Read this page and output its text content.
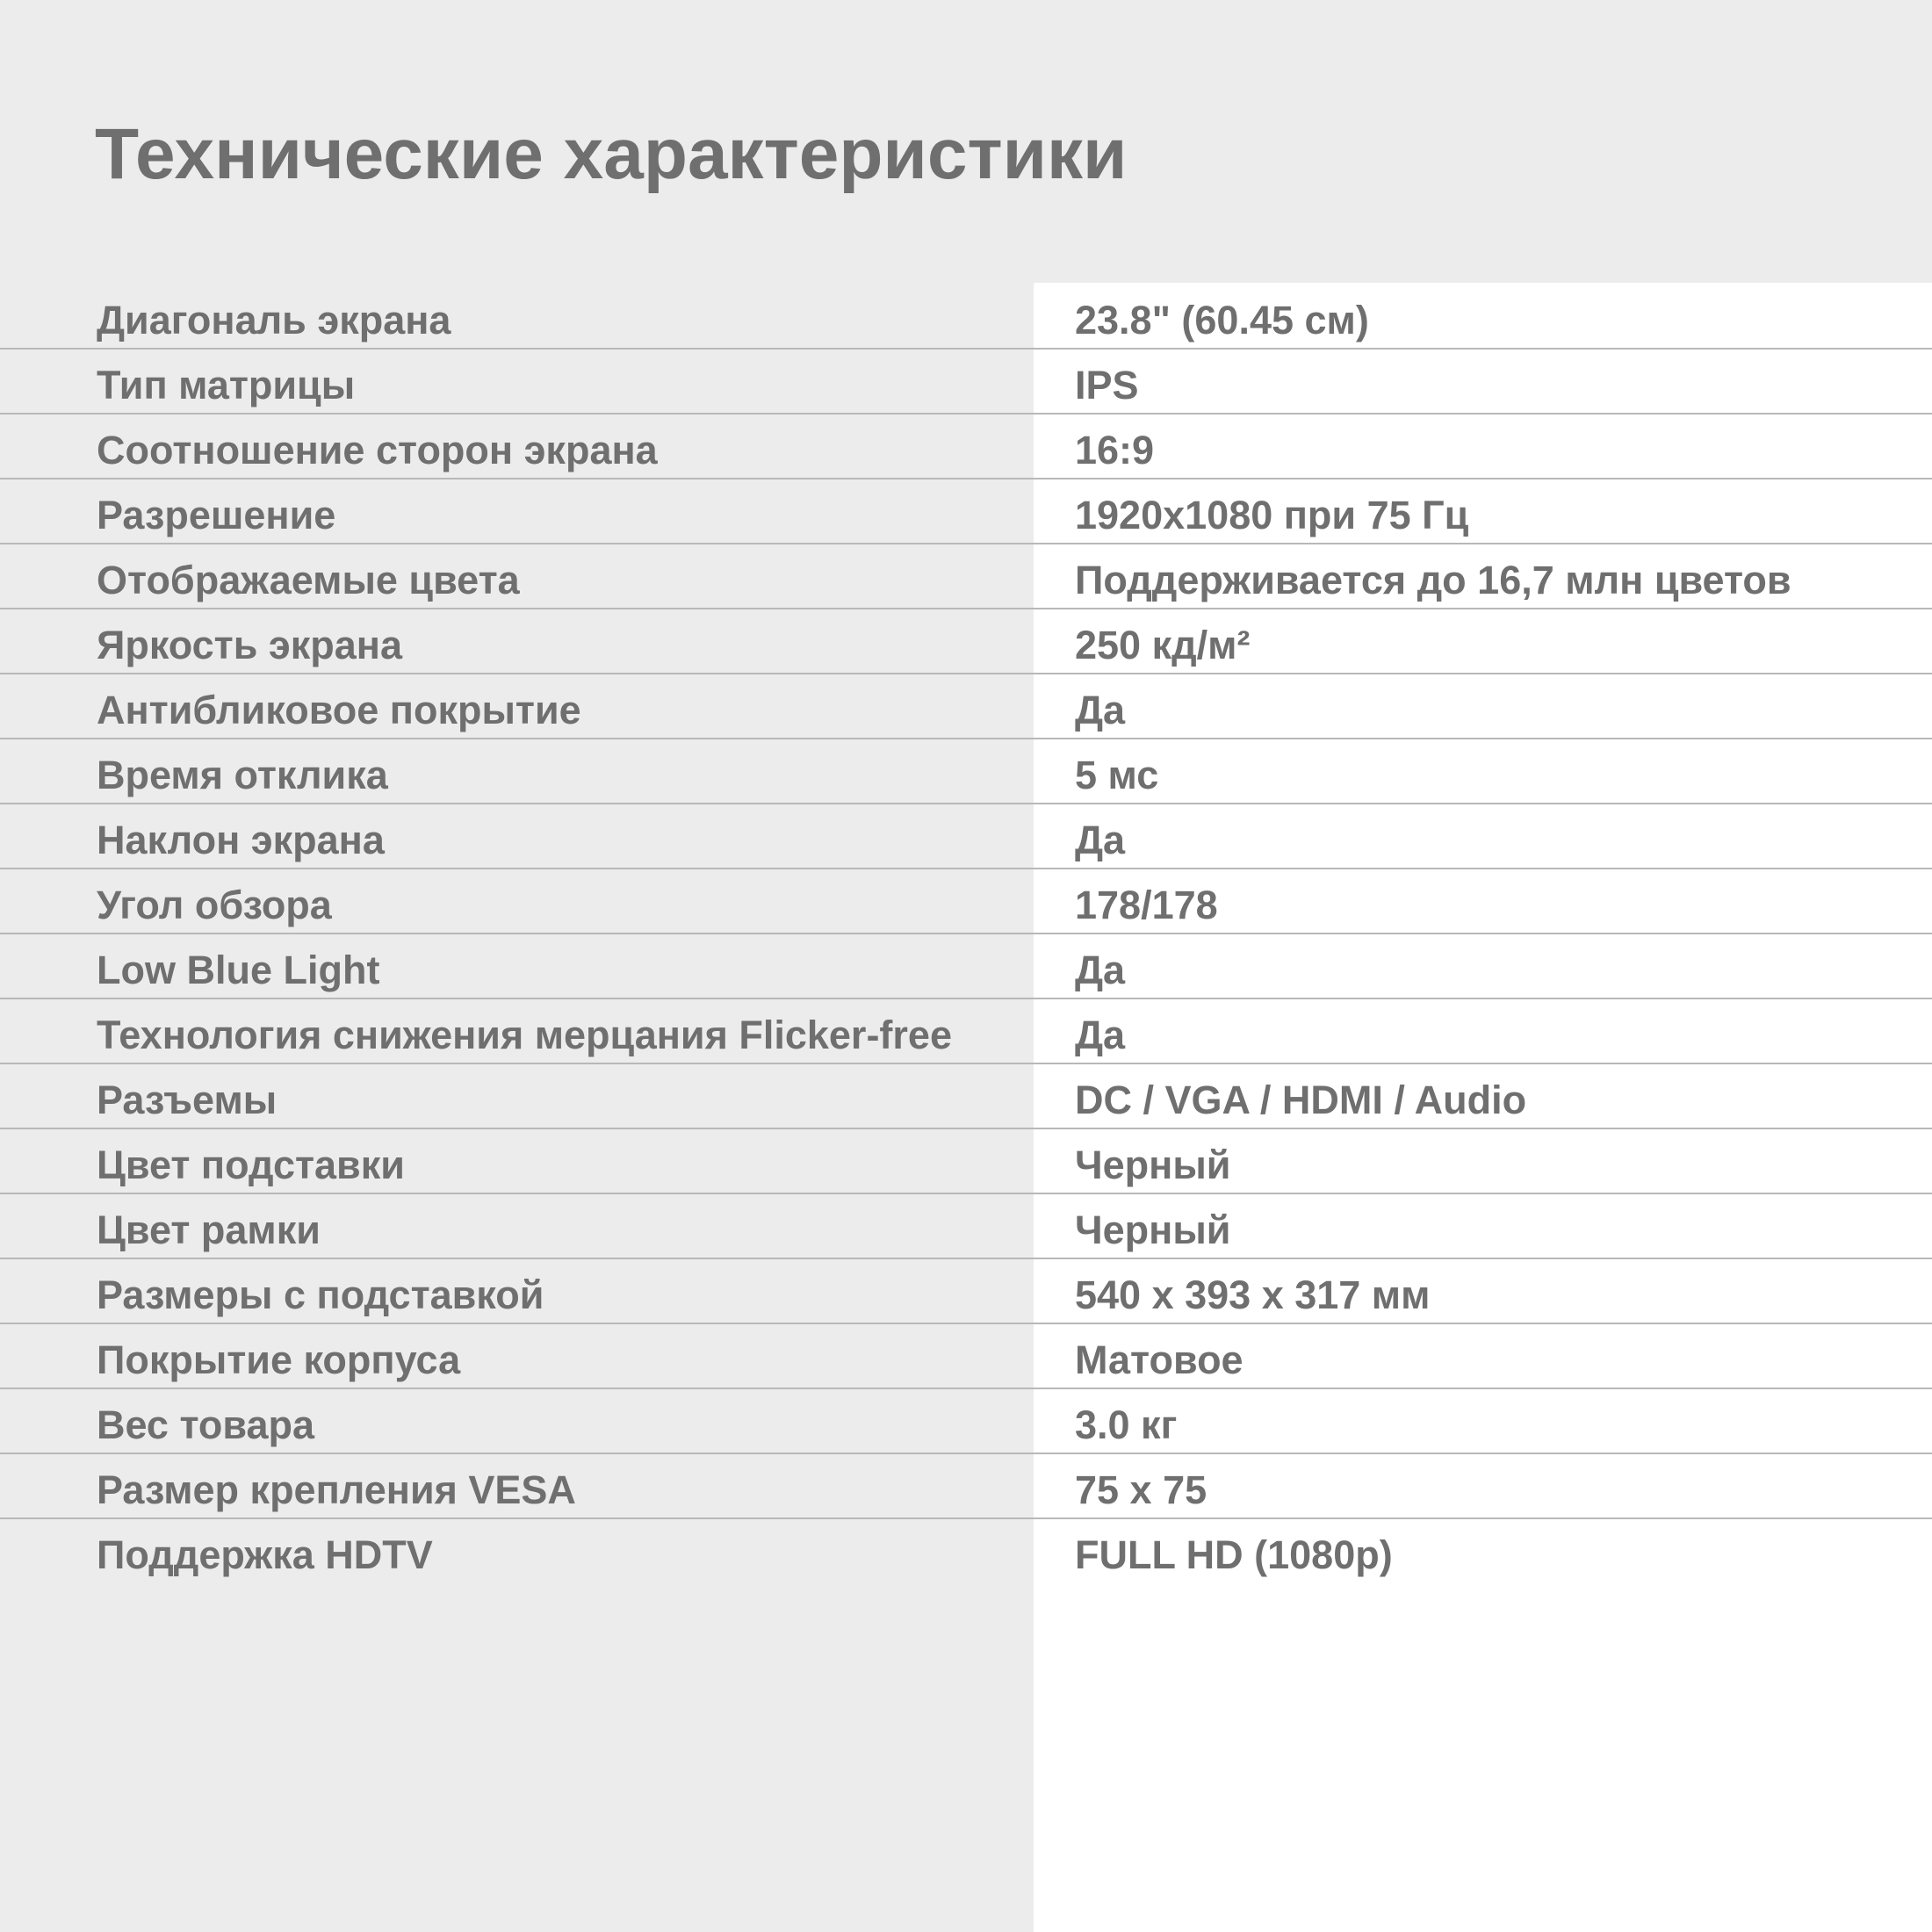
Технические характеристики

Диагональ экрана	23.8" (60.45 см)

Тип матрицы	IPS

Соотношение сторон экрана	16:9

Разрешение	1920x1080 при 75 Гц

Отображаемые цвета	Поддерживается до 16,7 млн цветов

Яркость экрана	250 кд/м²

Антибликовое покрытие	Да

Время отклика	5 мс

Наклон экрана	Да

Угол обзора	178/178

Low Blue Light	Да

Технология снижения мерцания Flicker-free	Да

Разъемы	DC / VGA / HDMI / Audio

Цвет подставки	Черный

Цвет рамки	Черный

Размеры с подставкой	540 x 393 x 317 мм

Покрытие корпуса	Матовое

Вес товара	3.0 кг

Размер крепления VESA	75 x 75

Поддержка HDTV	FULL HD (1080p)
